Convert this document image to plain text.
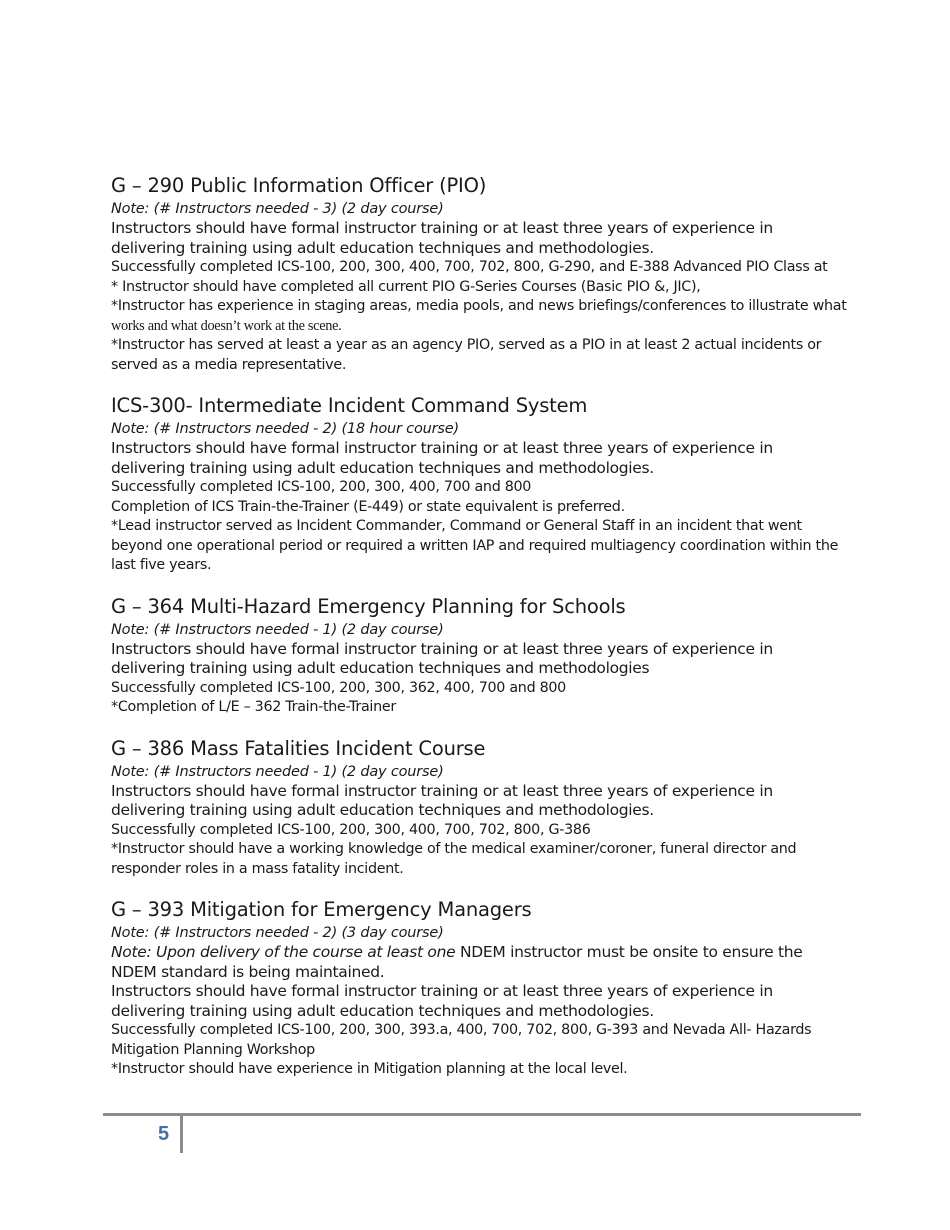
G – 290 Public Information Officer (PIO)

Note: (# Instructors needed - 3) (2 day course)

Instructors should have formal instructor training or at least three years of experience in delivering training using adult education techniques and methodologies.

Successfully completed ICS-100, 200, 300, 400, 700, 702, 800, G-290, and E-388 Advanced PIO Class at

* Instructor should have completed all current PIO G-Series Courses (Basic PIO &, JIC),

*Instructor has experience in staging areas, media pools, and news briefings/conferences to illustrate what

works and what doesn’t work at the scene.

*Instructor has served at least a year as an agency PIO, served as a PIO in at least 2 actual incidents or served as a media representative.

ICS-300- Intermediate Incident Command System

Note: (# Instructors needed - 2) (18 hour course)

Instructors should have formal instructor training or at least three years of experience in delivering training using adult education techniques and methodologies.

Successfully completed ICS-100, 200, 300, 400, 700 and 800

Completion of ICS Train-the-Trainer (E-449) or state equivalent is preferred.

*Lead instructor served as Incident Commander, Command or General Staff in an incident that went beyond one operational period or required a written IAP and required multiagency coordination within the last five years.

G – 364 Multi-Hazard Emergency Planning for Schools

Note: (# Instructors needed - 1) (2 day course)

Instructors should have formal instructor training or at least three years of experience in delivering training using adult education techniques and methodologies

Successfully completed ICS-100, 200, 300, 362, 400, 700 and 800

*Completion of L/E – 362 Train-the-Trainer

G – 386 Mass Fatalities Incident Course

Note: (# Instructors needed - 1) (2 day course)

Instructors should have formal instructor training or at least three years of experience in delivering training using adult education techniques and methodologies.

Successfully completed ICS-100, 200, 300, 400, 700, 702, 800, G-386

*Instructor should have a working knowledge of the medical examiner/coroner, funeral director and responder roles in a mass fatality incident.

G – 393 Mitigation for Emergency Managers

Note: (# Instructors needed - 2) (3 day course)

Note: Upon delivery of the course at least one NDEM instructor must be onsite to ensure the NDEM standard is being maintained.

Instructors should have formal instructor training or at least three years of experience in delivering training using adult education techniques and methodologies.

Successfully completed ICS-100, 200, 300, 393.a, 400, 700, 702, 800, G-393 and Nevada All- Hazards Mitigation Planning Workshop

*Instructor should have experience in Mitigation planning at the local level.

5
